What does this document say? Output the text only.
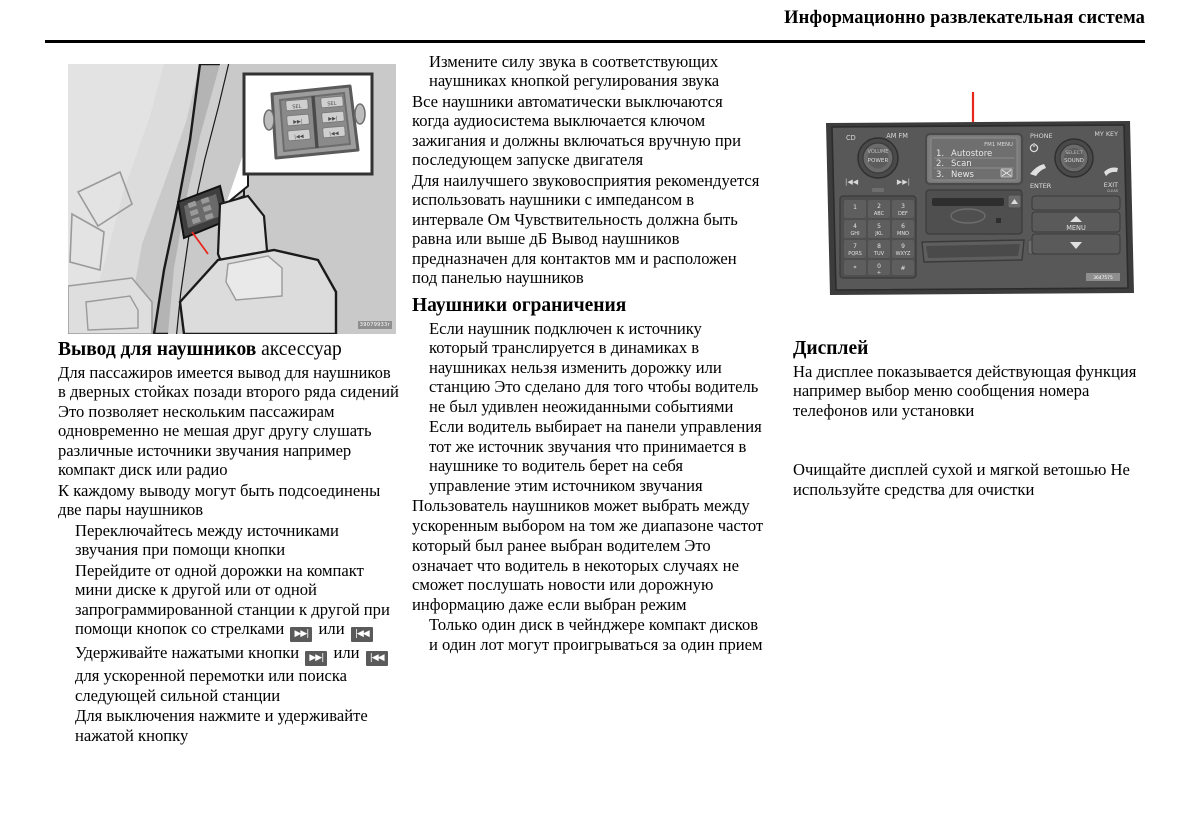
Информационно развлекательная система
SEL
▶▶|
|◀◀
SEL
▶▶|
|◀◀
39079933r
CD	AM FM
VOLUME
POWER
|◀◀	▶▶|
1	2
ABC
3
DEF
4
GHI
5
JKL
6
MNO
7
PQRS
8
TUV
9
WXYZ
*	0
+
#
FM1 MENU
1. Autostore
2. Scan
3. News
PHONE	MY KEY
SELECT
SOUND
ENTER	EXIT
CLEAR
MENU
3647575
Вывод для наушников аксессуар

Для пассажиров имеется вывод для наушников в дверных стойках позади второго ряда сидений Это позволяет нескольким пассажирам одновременно не мешая друг другу слушать различные источники звучания например компакт диск или радио

К каждому выводу могут быть подсоединены две пары наушников

Переключайтесь между источниками звучания при помощи кнопки

Перейдите от одной дорожки на компакт мини диске к другой или от одной запрограммированной станции к другой при помощи кнопок со стрелками ▶▶| или |◀◀

Удерживайте нажатыми кнопки ▶▶| или |◀◀ для ускоренной перемотки или поиска следующей сильной станции

Для выключения нажмите и удерживайте нажатой кнопку

Измените силу звука в соответствующих наушниках кнопкой регулирования звука

Все наушники автоматически выключаются когда аудиосистема выключается ключом зажигания и должны включаться вручную при последующем запуске двигателя

Для наилучшего звуковосприятия рекомендуется использовать наушники с импедансом в интервале Ом Чувствительность должна быть равна или выше дБ Вывод наушников предназначен для контактов мм и расположен под панелью наушников

Наушники ограничения

Если наушник подключен к источнику который транслируется в динамиках в наушниках нельзя изменить дорожку или станцию Это сделано для того чтобы водитель не был удивлен неожиданными событиями

Если водитель выбирает на панели управления тот же источник звучания что принимается в наушнике то водитель берет на себя управление этим источником звучания

Пользователь наушников может выбрать между ускоренным выбором на том же диапазоне частот

который был ранее выбран водителем Это означает что водитель в некоторых случаях не сможет послушать новости или дорожную информацию даже если выбран режим

Только один диск в чейнджере компакт дисков и один лот могут проигрываться за один прием

Дисплей

На дисплее показывается действующая функция например выбор меню сообщения номера телефонов или установки

Очищайте дисплей сухой и мягкой ветошью Не используйте средства для очистки
